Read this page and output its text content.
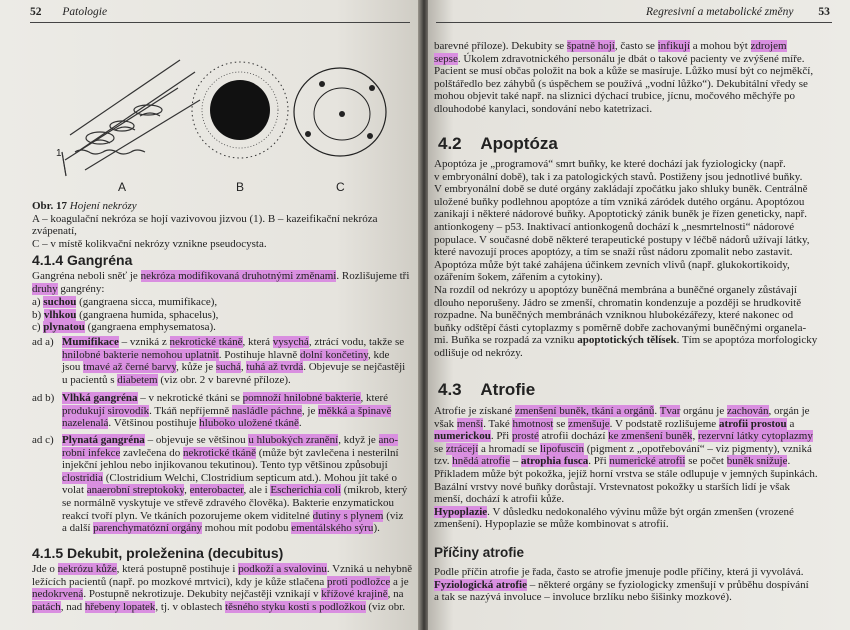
52 Patologie
A	B	C
1
Obr. 17 Hojení nekrózy
A – koagulační nekróza se hojí vazivovou jizvou (1). B – kazeifikační nekróza zvápenatí,
C – v místě kolikvační nekrózy vznikne pseudocysta.
4.1.4 Gangréna
Gangréna neboli sněť je nekróza modifikovaná druhotnými změnami. Rozlišujeme tři
druhy gangrény:
a) suchou (gangraena sicca, mumifikace),
b) vlhkou (gangraena humida, sphacelus),
c) plynatou (gangraena emphysematosa).
ad a) Mumifikace – vzniká z nekrotické tkáně, která vysychá, ztrácí vodu, takže se
hnilobné bakterie nemohou uplatnit. Postihuje hlavně dolní končetiny, kde
jsou tmavé až černé barvy, kůže je suchá, tuhá až tvrdá. Objevuje se nejčastěji
u pacientů s diabetem (viz obr. 2 v barevné příloze).
ad b) Vlhká gangréna – v nekrotické tkáni se pomnoží hnilobné bakterie, které
produkují sirovodík. Tkáň nepříjemně nasládle páchne, je měkká a špinavě
nazelenalá. Většinou postihuje hluboko uložené tkáně.
ad c) Plynatá gangréna – objevuje se většinou u hlubokých zranění, když je ano-
robní infekce zavlečena do nekrotické tkáně (může být zavlečena i nesterilní
injekční jehlou nebo injikovanou tekutinou). Tento typ většinou způsobují
clostridia (Clostridium Welchi, Clostridium septicum atd.). Mohou jít také o
volat anaerobní streptokoky, enterobacter, ale i Escherichia coli (mikrob, který
se normálně vyskytuje ve střevě zdravého člověka). Bakterie enzymatickou
reakcí tvoří plyn. Ve tkáních pozorujeme okem viditelné dutiny s plynem (viz
a další parenchymatózní orgány mohou mít podobu ementálského sýru).
4.1.5 Dekubit, proleženina (decubitus)
Jde o nekrózu kůže, která postupně postihuje i podkoží a svalovinu. Vzniká u nehybně
ležících pacientů (např. po mozkové mrtvici), kdy je kůže stlačena proti podložce a je
nedokrvená. Postupně nekrotizuje. Dekubity nejčastěji vznikají v křížové krajině, na
patách, nad hřebeny lopatek, tj. v oblastech těsného styku kosti s podložkou (viz obr.
Regresivní a metabolické změny 53
barevné příloze). Dekubity se špatně hojí, často se infikují a mohou být zdrojem
sepse. Úkolem zdravotnického personálu je dbát o takové pacienty ve zvýšené míře.
Pacient se musí občas položit na bok a kůže se masíruje. Lůžko musí být co nejměkčí,
polštáředlo bez záhybů (s úspěchem se používá „vodní lůžko“). Dekubitální vředy se
mohou objevit také např. na sliznici dýchací trubice, jícnu, močového měchýře po
dlouhodobé kanylaci, sondování nebo katetrizaci.
4.2 Apoptóza
Apoptóza je „programová“ smrt buňky, ke které dochází jak fyziologicky (např.
v embryonální době), tak i za patologických stavů. Postiženy jsou jednotlivé buňky.
V embryonální době se duté orgány zakládají zpočátku jako shluky buněk. Centrálně
uložené buňky podlehnou apoptóze a tím vzniká záródek dutého orgánu. Apoptózou
zanikají i některé nádorové buňky. Apoptotický zánik buněk je řízen geneticky, např.
antionkogeny – p53. Inaktivací antionkogenů dochází k „nesmrtelnosti“ nádorové
populace. V současné době některé terapeutické postupy v léčbě nádorů užívají látky,
které navozují proces apoptózy, a tím se snaží růst nádoru zpomalit nebo zastavit.
Apoptóza může být také zahájena účinkem zevních vlivů (např. glukokortikoidy,
ozářením šokem, zářením a cytokiny).
Na rozdíl od nekrózy u apoptózy buněčná membrána a buněčné organely zůstávají
dlouho neporušeny. Jádro se zmenší, chromatin kondenzuje a později se hrudkovitě
rozpadne. Na buněčných membránách vzniknou hlubokézářezy, které nakonec od
buňky odštěpí části cytoplazmy s poměrně dobře zachovanými buněčnými organela-
mi. Buňka se rozpadá za vzniku apoptotických tělísek. Tím se apoptóza morfologicky
odlišuje od nekrózy.
4.3 Atrofie
Atrofie je získané zmenšení buněk, tkání a orgánů. Tvar orgánu je zachován, orgán je
však menší. Také hmotnost se zmenšuje. V podstatě rozlišujeme atrofii prostou a
numerickou. Při prosté atrofii dochází ke zmenšení buněk, rezervní látky cytoplazmy
se ztrácejí a hromadí se lipofuscin (pigment z „opotřebování“ – viz pigmenty), vzniká
tzv. hnědá atrofie – atrophia fusca. Při numerické atrofii se počet buněk snižuje.
Příkladem může být pokožka, jejíž horní vrstva se stále odlupuje v jemných šupinkách.
Bazální vrstvy nové buňky dorůstají. Vrstevnatost pokožky u starších lidí je však
menší, dochází k atrofii kůže.
Hypoplazie. V důsledku nedokonalého vývinu může být orgán zmenšen (vrozené
zmenšení). Hypoplazie se může kombinovat s atrofií.
Příčiny atrofie
Podle příčin atrofie je řada, často se atrofie jmenuje podle příčiny, která ji vyvolává.
Fyziologická atrofie – některé orgány se fyziologicky zmenšují v průběhu dospívání
a tak se nazývá involuce – involuce brzlíku nebo šišinky mozkové).
